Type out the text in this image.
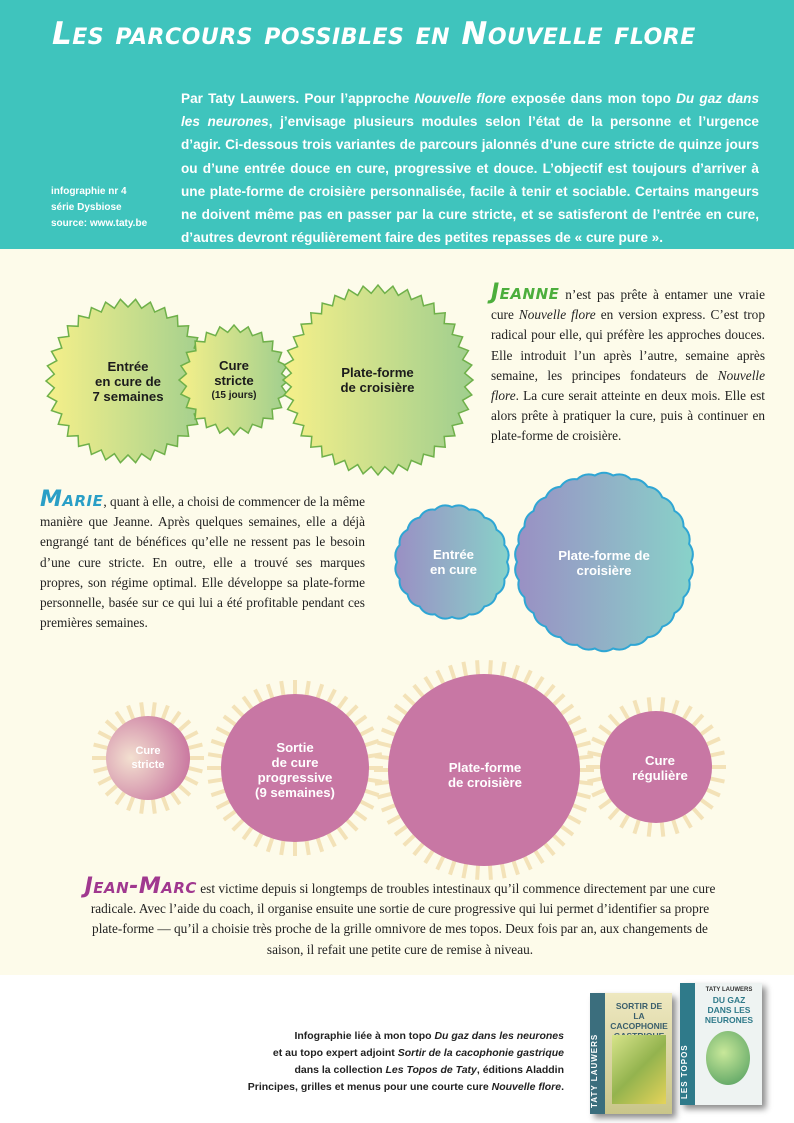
Les parcours possibles en Nouvelle flore
Par Taty Lauwers. Pour l’approche Nouvelle flore exposée dans mon topo Du gaz dans les neurones, j’envisage plusieurs modules selon l’état de la personne et l’urgence d’agir. Ci-dessous trois variantes de parcours jalonnés d’une cure stricte de quinze jours ou d’une entrée douce en cure, progressive et douce. L’objectif est toujours d’arriver à une plate-forme de croisière personnalisée, facile à tenir et sociable. Certains mangeurs ne doivent même pas en passer par la cure stricte, et se satisferont de l’entrée en cure, d’autres devront régulièrement faire des petites repasses de « cure pure ».
infographie nr 4
série Dysbiose
source: www.taty.be
Entrée
en cure de
7 semaines
Cure
stricte
(15 jours)
Plate-forme
de croisière
Jeanne n’est pas prête à entamer une vraie cure Nouvelle flore en version express. C’est trop radical pour elle, qui préfère les approches douces. Elle introduit l’un après l’autre, semaine après semaine, les principes fondateurs de Nouvelle flore. La cure serait atteinte en deux mois. Elle est alors prête à pratiquer la cure, puis à continuer en plate-forme de croisière.
Marie, quant à elle, a choisi de commencer de la même manière que Jeanne. Après quelques semaines, elle a déjà engrangé tant de bénéfices qu’elle ne ressent pas le besoin d’une cure stricte. En outre, elle a trouvé ses marques propres, son régime optimal. Elle développe sa plate-forme personnelle, basée sur ce qui lui a été profitable pendant ces premières semaines.
Entrée
en cure
Plate-forme de
croisière
Cure
stricte
Sortie
de cure
progressive
(9 semaines)
Plate-forme
de croisière
Cure
régulière
Jean-Marc est victime depuis si longtemps de troubles intestinaux qu’il commence directement par une cure radicale. Avec l’aide du coach, il organise ensuite une sortie de cure progressive qui lui permet d’identifier sa propre plate-forme — qu’il a choisie très proche de la grille omnivore de mes topos. Deux fois par an, aux changements de saison, il refait une petite cure de remise à niveau.
Infographie liée à mon topo Du gaz dans les neurones
et au topo expert adjoint Sortir de la cacophonie gastrique
dans la collection Les Topos de Taty, éditions Aladdin
Principes, grilles et menus pour une courte cure Nouvelle flore.	TATY LAUWERS
SORTIR DE LA CACOPHONIE
LES TOPOS
TATY LAUWERS
DU GAZ DANS LES NEURONES
